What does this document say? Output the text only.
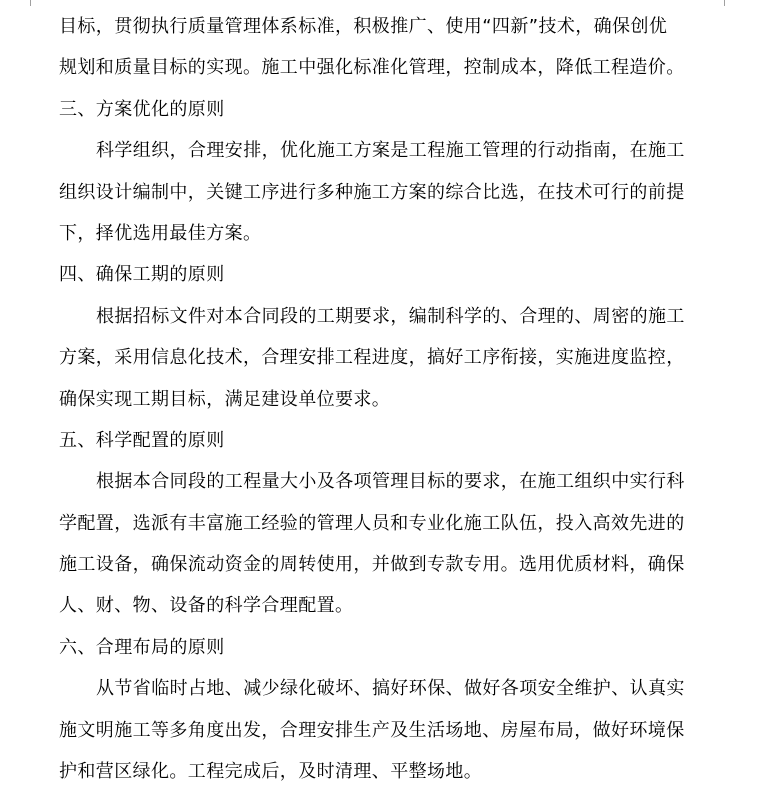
目标，贯彻执行质量管理体系标准，积极推广、使用“四新”技术，确保创优
规划和质量目标的实现。施工中强化标准化管理，控制成本，降低工程造价。
三、方案优化的原则
科学组织，合理安排，优化施工方案是工程施工管理的行动指南，在施工
组织设计编制中，关键工序进行多种施工方案的综合比选，在技术可行的前提
下，择优选用最佳方案。
四、确保工期的原则
根据招标文件对本合同段的工期要求，编制科学的、合理的、周密的施工
方案，采用信息化技术，合理安排工程进度，搞好工序衔接，实施进度监控，
确保实现工期目标，满足建设单位要求。
五、科学配置的原则
根据本合同段的工程量大小及各项管理目标的要求，在施工组织中实行科
学配置，选派有丰富施工经验的管理人员和专业化施工队伍，投入高效先进的
施工设备，确保流动资金的周转使用，并做到专款专用。选用优质材料，确保
人、财、物、设备的科学合理配置。
六、合理布局的原则
从节省临时占地、减少绿化破坏、搞好环保、做好各项安全维护、认真实
施文明施工等多角度出发，合理安排生产及生活场地、房屋布局，做好环境保
护和营区绿化。工程完成后，及时清理、平整场地。
